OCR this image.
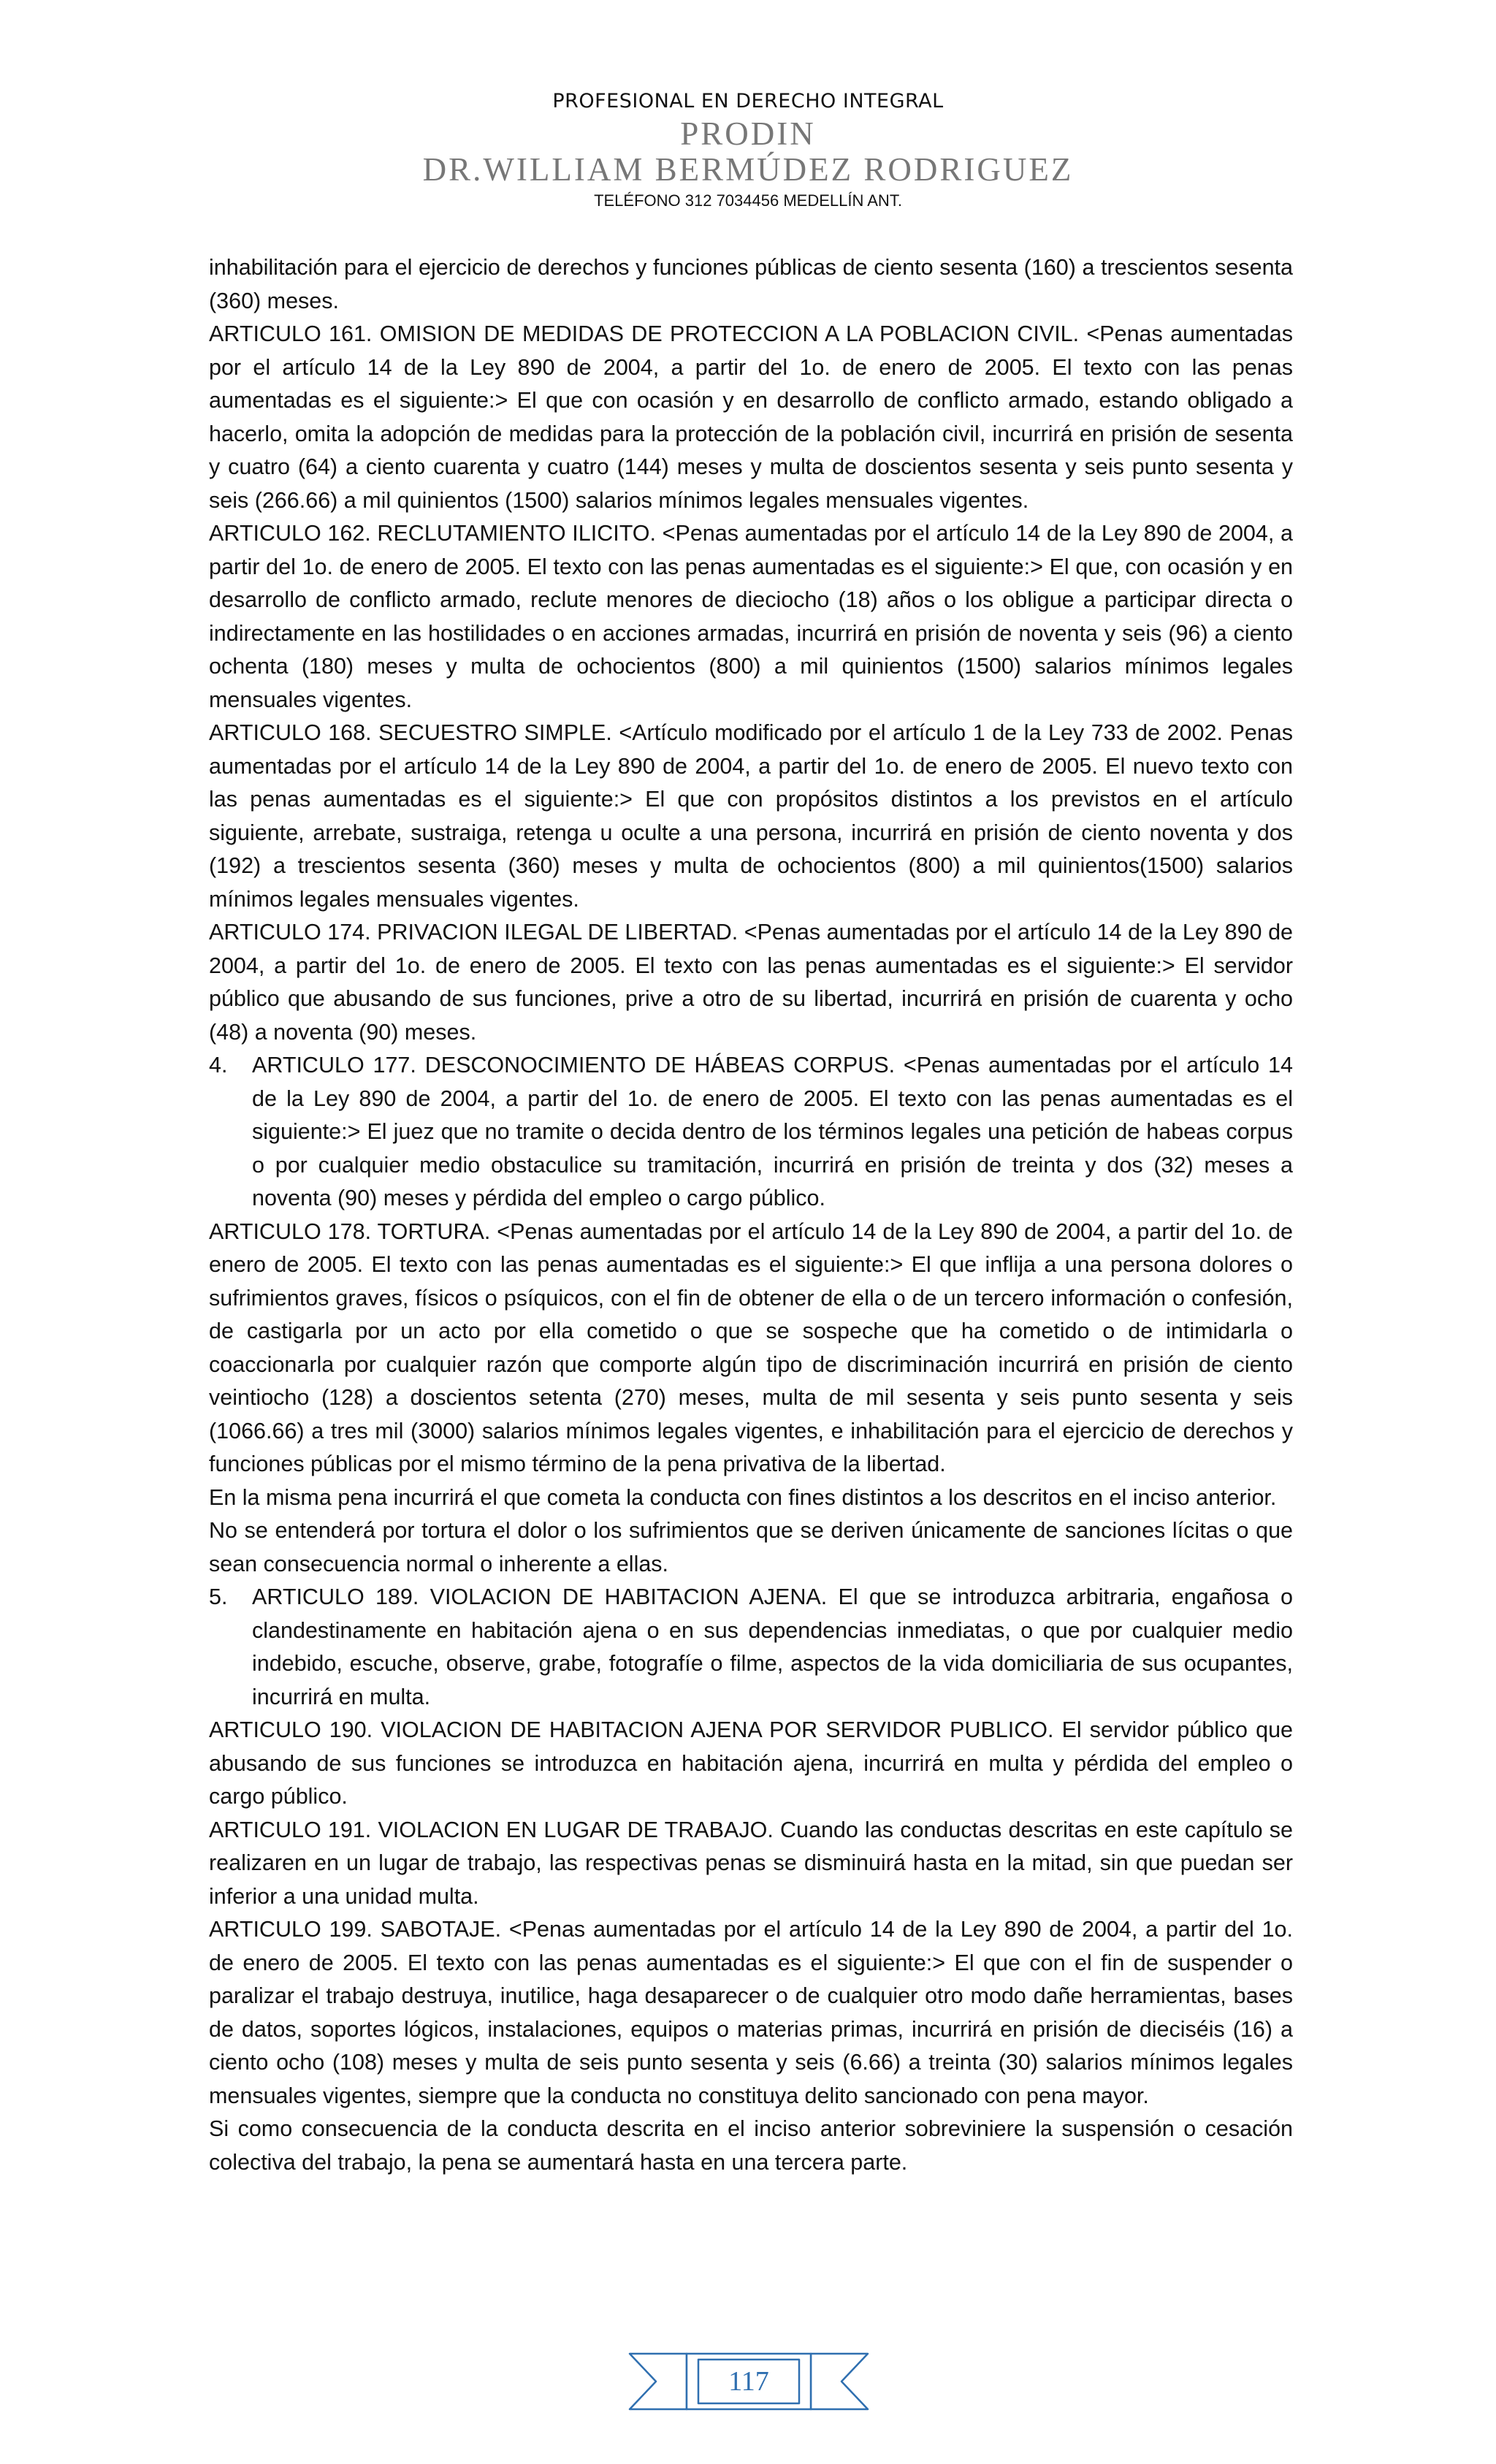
PROFESIONAL EN DERECHO INTEGRAL
PRODIN
DR.WILLIAM BERMÚDEZ RODRIGUEZ
TELÉFONO 312 7034456 MEDELLÍN ANT.

inhabilitación para el ejercicio de derechos y funciones públicas de ciento sesenta (160) a trescientos sesenta (360) meses.

ARTICULO 161. OMISION DE MEDIDAS DE PROTECCION A LA POBLACION CIVIL. <Penas aumentadas por el artículo 14 de la Ley 890 de 2004, a partir del 1o. de enero de 2005. El texto con las penas aumentadas es el siguiente:> El que con ocasión y en desarrollo de conflicto armado, estando obligado a hacerlo, omita la adopción de medidas para la protección de la población civil, incurrirá en prisión de sesenta y cuatro (64) a ciento cuarenta y cuatro (144) meses y multa de doscientos sesenta y seis punto sesenta y seis (266.66) a mil quinientos (1500) salarios mínimos legales mensuales vigentes.

ARTICULO 162. RECLUTAMIENTO ILICITO. <Penas aumentadas por el artículo 14 de la Ley 890 de 2004, a partir del 1o. de enero de 2005. El texto con las penas aumentadas es el siguiente:> El que, con ocasión y en desarrollo de conflicto armado, reclute menores de dieciocho (18) años o los obligue a participar directa o indirectamente en las hostilidades o en acciones armadas, incurrirá en prisión de noventa y seis (96) a ciento ochenta (180) meses y multa de ochocientos (800) a mil quinientos (1500) salarios mínimos legales mensuales vigentes.

ARTICULO 168. SECUESTRO SIMPLE. <Artículo modificado por el artículo 1 de la Ley 733 de 2002. Penas aumentadas por el artículo 14 de la Ley 890 de 2004, a partir del 1o. de enero de 2005. El nuevo texto con las penas aumentadas es el siguiente:> El que con propósitos distintos a los previstos en el artículo siguiente, arrebate, sustraiga, retenga u oculte a una persona, incurrirá en prisión de ciento noventa y dos (192) a trescientos sesenta (360) meses y multa de ochocientos (800) a mil quinientos(1500) salarios mínimos legales mensuales vigentes.

ARTICULO 174. PRIVACION ILEGAL DE LIBERTAD. <Penas aumentadas por el artículo 14 de la Ley 890 de 2004, a partir del 1o. de enero de 2005. El texto con las penas aumentadas es el siguiente:> El servidor público que abusando de sus funciones, prive a otro de su libertad, incurrirá en prisión de cuarenta y ocho (48) a noventa (90) meses.

4.	ARTICULO 177. DESCONOCIMIENTO DE HÁBEAS CORPUS. <Penas aumentadas por el artículo 14 de la Ley 890 de 2004, a partir del 1o. de enero de 2005. El texto con las penas aumentadas es el siguiente:> El juez que no tramite o decida dentro de los términos legales una petición de habeas corpus o por cualquier medio obstaculice su tramitación, incurrirá en prisión de treinta y dos (32) meses a noventa (90) meses y pérdida del empleo o cargo público.

ARTICULO 178. TORTURA. <Penas aumentadas por el artículo 14 de la Ley 890 de 2004, a partir del 1o. de enero de 2005. El texto con las penas aumentadas es el siguiente:> El que inflija a una persona dolores o sufrimientos graves, físicos o psíquicos, con el fin de obtener de ella o de un tercero información o confesión, de castigarla por un acto por ella cometido o que se sospeche que ha cometido o de intimidarla o coaccionarla por cualquier razón que comporte algún tipo de discriminación incurrirá en prisión de ciento veintiocho (128) a doscientos setenta (270) meses, multa de mil sesenta y seis punto sesenta y seis (1066.66) a tres mil (3000) salarios mínimos legales vigentes, e inhabilitación para el ejercicio de derechos y funciones públicas por el mismo término de la pena privativa de la libertad.

En la misma pena incurrirá el que cometa la conducta con fines distintos a los descritos en el inciso anterior.

No se entenderá por tortura el dolor o los sufrimientos que se deriven únicamente de sanciones lícitas o que sean consecuencia normal o inherente a ellas.

5.	ARTICULO 189. VIOLACION DE HABITACION AJENA. El que se introduzca arbitraria, engañosa o clandestinamente en habitación ajena o en sus dependencias inmediatas, o que por cualquier medio indebido, escuche, observe, grabe, fotografíe o filme, aspectos de la vida domiciliaria de sus ocupantes, incurrirá en multa.

ARTICULO 190. VIOLACION DE HABITACION AJENA POR SERVIDOR PUBLICO. El servidor público que abusando de sus funciones se introduzca en habitación ajena, incurrirá en multa y pérdida del empleo o cargo público.

ARTICULO 191. VIOLACION EN LUGAR DE TRABAJO. Cuando las conductas descritas en este capítulo se realizaren en un lugar de trabajo, las respectivas penas se disminuirá hasta en la mitad, sin que puedan ser inferior a una unidad multa.

ARTICULO 199. SABOTAJE. <Penas aumentadas por el artículo 14 de la Ley 890 de 2004, a partir del 1o. de enero de 2005. El texto con las penas aumentadas es el siguiente:> El que con el fin de suspender o paralizar el trabajo destruya, inutilice, haga desaparecer o de cualquier otro modo dañe herramientas, bases de datos, soportes lógicos, instalaciones, equipos o materias primas, incurrirá en prisión de dieciséis (16) a ciento ocho (108) meses y multa de seis punto sesenta y seis (6.66) a treinta (30) salarios mínimos legales mensuales vigentes, siempre que la conducta no constituya delito sancionado con pena mayor.

Si como consecuencia de la conducta descrita en el inciso anterior sobreviniere la suspensión o cesación colectiva del trabajo, la pena se aumentará hasta en una tercera parte.

117
